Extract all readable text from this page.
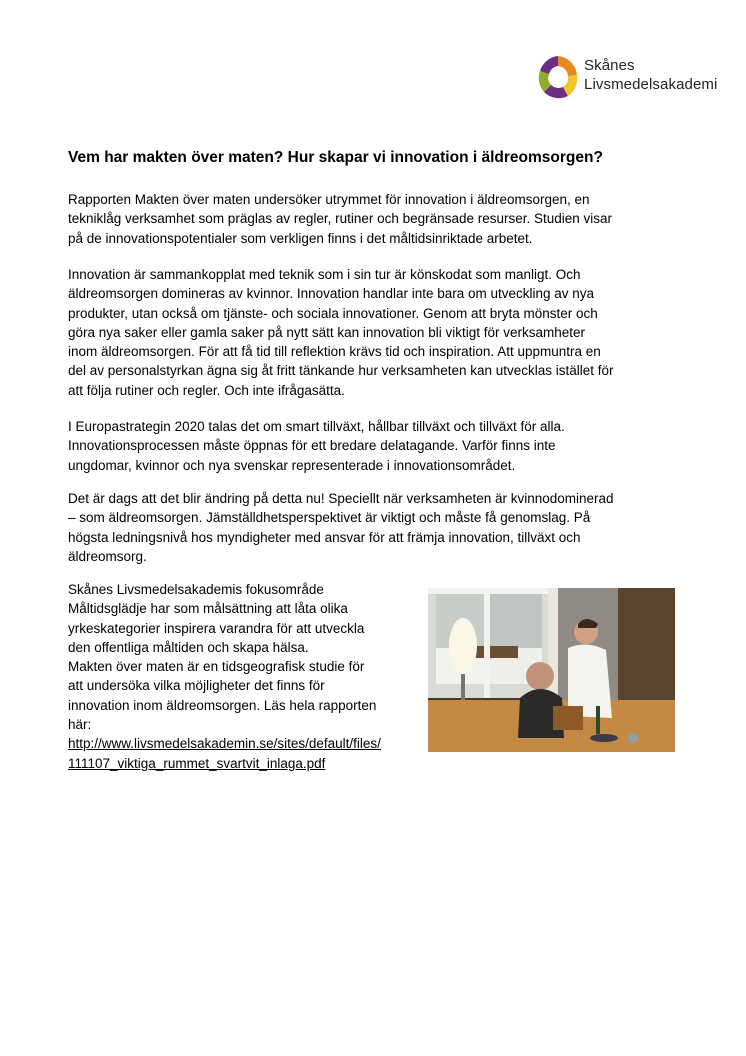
Skånes
Livsmedelsakademi
Vem har makten över maten? Hur skapar vi innovation i äldreomsorgen?
Rapporten Makten över maten undersöker utrymmet för innovation i äldreomsorgen, en
tekniklåg verksamhet som präglas av regler, rutiner och begränsade resurser. Studien visar
på de innovationspotentialer som verkligen finns i det måltidsinriktade arbetet.
Innovation är sammankopplat med teknik som i sin tur är könskodat som manligt. Och
äldreomsorgen domineras av kvinnor. Innovation handlar inte bara om utveckling av nya
produkter, utan också om tjänste- och sociala innovationer. Genom att bryta mönster och
göra nya saker eller gamla saker på nytt sätt kan innovation bli viktigt för verksamheter
inom äldreomsorgen. För att få tid till reflektion krävs tid och inspiration. Att uppmuntra en
del av personalstyrkan ägna sig åt fritt tänkande hur verksamheten kan utvecklas istället för
att följa rutiner och regler. Och inte ifrågasätta.
I Europastrategin 2020 talas det om smart tillväxt, hållbar tillväxt och tillväxt för alla.
Innovationsprocessen måste öppnas för ett bredare delatagande. Varför finns inte
ungdomar, kvinnor och nya svenskar representerade i innovationsområdet.
Det är dags att det blir ändring på detta nu! Speciellt när verksamheten är kvinnodominerad
– som äldreomsorgen. Jämställdhetsperspektivet är viktigt och måste få genomslag. På
högsta ledningsnivå hos myndigheter med ansvar för att främja innovation, tillväxt och
äldreomsorg.
Skånes Livsmedelsakademis fokusområde
Måltidsglädje har som målsättning att låta olika
yrkeskategorier inspirera varandra för att utveckla
den offentliga måltiden och skapa hälsa.
Makten över maten är en tidsgeografisk studie för
att undersöka vilka möjligheter det finns för
innovation inom äldreomsorgen. Läs hela rapporten
här:
http://www.livsmedelsakademin.se/sites/default/files/
111107_viktiga_rummet_svartvit_inlaga.pdf
